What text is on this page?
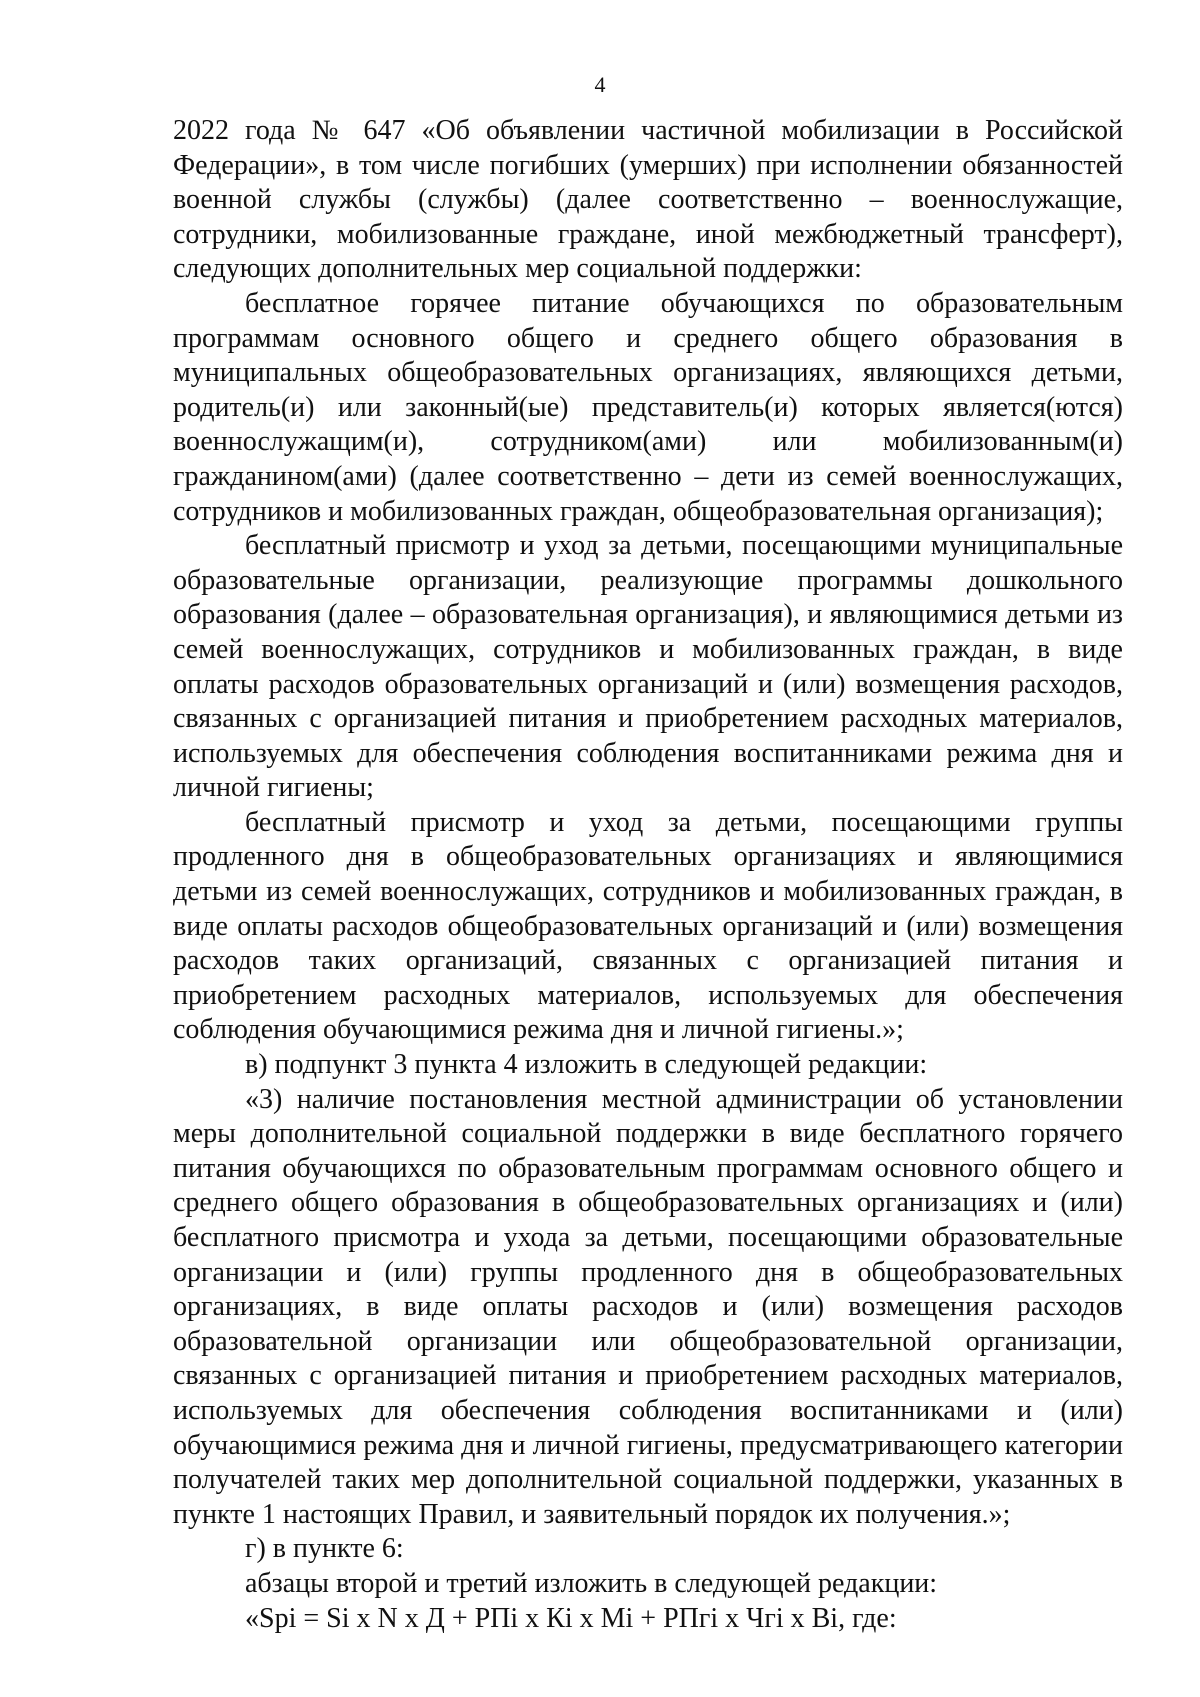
4

2022 года № 647 «Об объявлении частичной мобилизации в Российской Федерации», в том числе погибших (умерших) при исполнении обязанностей военной службы (службы) (далее соответственно – военнослужащие, сотрудники, мобилизованные граждане, иной межбюджетный трансферт), следующих дополнительных мер социальной поддержки:

бесплатное горячее питание обучающихся по образовательным программам основного общего и среднего общего образования в муниципальных общеобразовательных организациях, являющихся детьми, родитель(и) или законный(ые) представитель(и) которых является(ются) военнослужащим(и), сотрудником(ами) или мобилизованным(и) гражданином(ами) (далее соответственно – дети из семей военнослужащих, сотрудников и мобилизованных граждан, общеобразовательная организация);

бесплатный присмотр и уход за детьми, посещающими муниципальные образовательные организации, реализующие программы дошкольного образования (далее – образовательная организация), и являющимися детьми из семей военнослужащих, сотрудников и мобилизованных граждан, в виде оплаты расходов образовательных организаций и (или) возмещения расходов, связанных с организацией питания и приобретением расходных материалов, используемых для обеспечения соблюдения воспитанниками режима дня и личной гигиены;

бесплатный присмотр и уход за детьми, посещающими группы продленного дня в общеобразовательных организациях и являющимися детьми из семей военнослужащих, сотрудников и мобилизованных граждан, в виде оплаты расходов общеобразовательных организаций и (или) возмещения расходов таких организаций, связанных с организацией питания и приобретением расходных материалов, используемых для обеспечения соблюдения обучающимися режима дня и личной гигиены.»;

в) подпункт 3 пункта 4 изложить в следующей редакции:

«3) наличие постановления местной администрации об установлении меры дополнительной социальной поддержки в виде бесплатного горячего питания обучающихся по образовательным программам основного общего и среднего общего образования в общеобразовательных организациях и (или) бесплатного присмотра и ухода за детьми, посещающими образовательные организации и (или) группы продленного дня в общеобразовательных организациях, в виде оплаты расходов и (или) возмещения расходов образовательной организации или общеобразовательной организации, связанных с организацией питания и приобретением расходных материалов, используемых для обеспечения соблюдения воспитанниками и (или) обучающимися режима дня и личной гигиены, предусматривающего категории получателей таких мер дополнительной социальной поддержки, указанных в пункте 1 настоящих Правил, и заявительный порядок их получения.»;

г) в пункте 6:

абзацы второй и третий изложить в следующей редакции:

«Spi = Si x N x Д + РПi x Кi x Мi + РПгi x Чгi x Вi, где:
